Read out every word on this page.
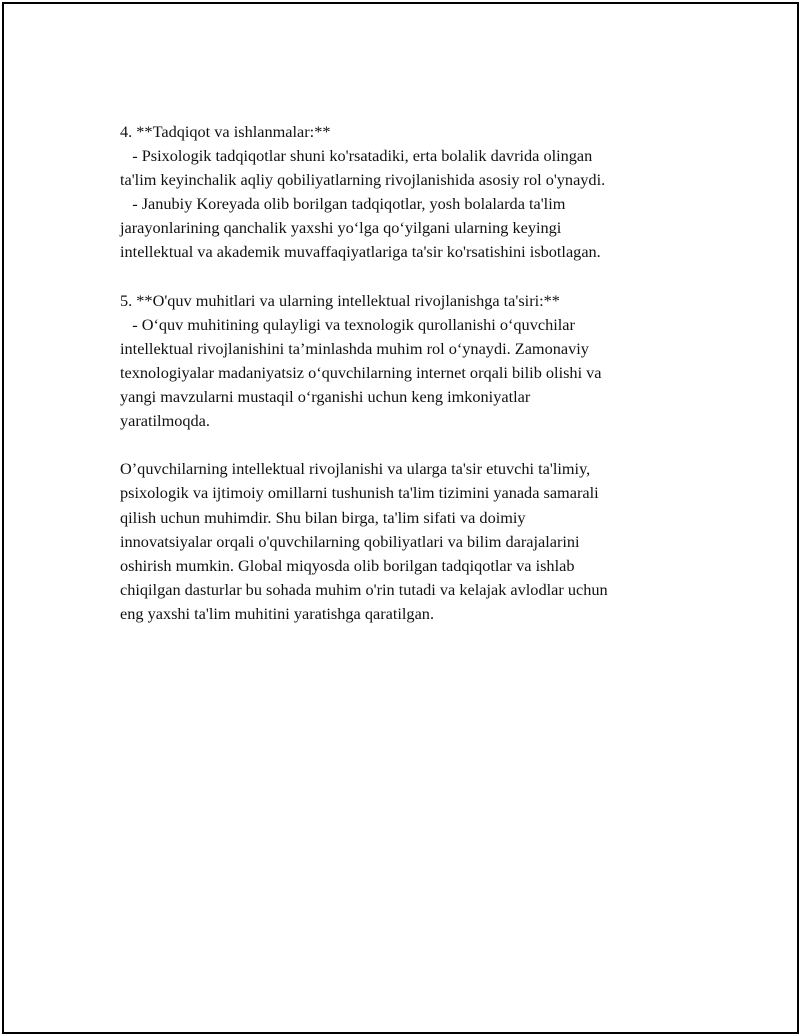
4. **Tadqiqot va ishlanmalar:**
- Psixologik tadqiqotlar shuni ko'rsatadiki, erta bolalik davrida olingan
ta'lim keyinchalik aqliy qobiliyatlarning rivojlanishida asosiy rol o'ynaydi.
- Janubiy Koreyada olib borilgan tadqiqotlar, yosh bolalarda ta'lim
jarayonlarining qanchalik yaxshi yo‘lga qo‘yilgani ularning keyingi
intellektual va akademik muvaffaqiyatlariga ta'sir ko'rsatishini isbotlagan.
5. **O'quv muhitlari va ularning intellektual rivojlanishga ta'siri:**
- O‘quv muhitining qulayligi va texnologik qurollanishi o‘quvchilar
intellektual rivojlanishini ta’minlashda muhim rol o‘ynaydi. Zamonaviy
texnologiyalar madaniyatsiz o‘quvchilarning internet orqali bilib olishi va
yangi mavzularni mustaqil o‘rganishi uchun keng imkoniyatlar
yaratilmoqda.
O’quvchilarning intellektual rivojlanishi va ularga ta'sir etuvchi ta'limiy,
psixologik va ijtimoiy omillarni tushunish ta'lim tizimini yanada samarali
qilish uchun muhimdir. Shu bilan birga, ta'lim sifati va doimiy
innovatsiyalar orqali o'quvchilarning qobiliyatlari va bilim darajalarini
oshirish mumkin. Global miqyosda olib borilgan tadqiqotlar va ishlab
chiqilgan dasturlar bu sohada muhim o'rin tutadi va kelajak avlodlar uchun
eng yaxshi ta'lim muhitini yaratishga qaratilgan.
